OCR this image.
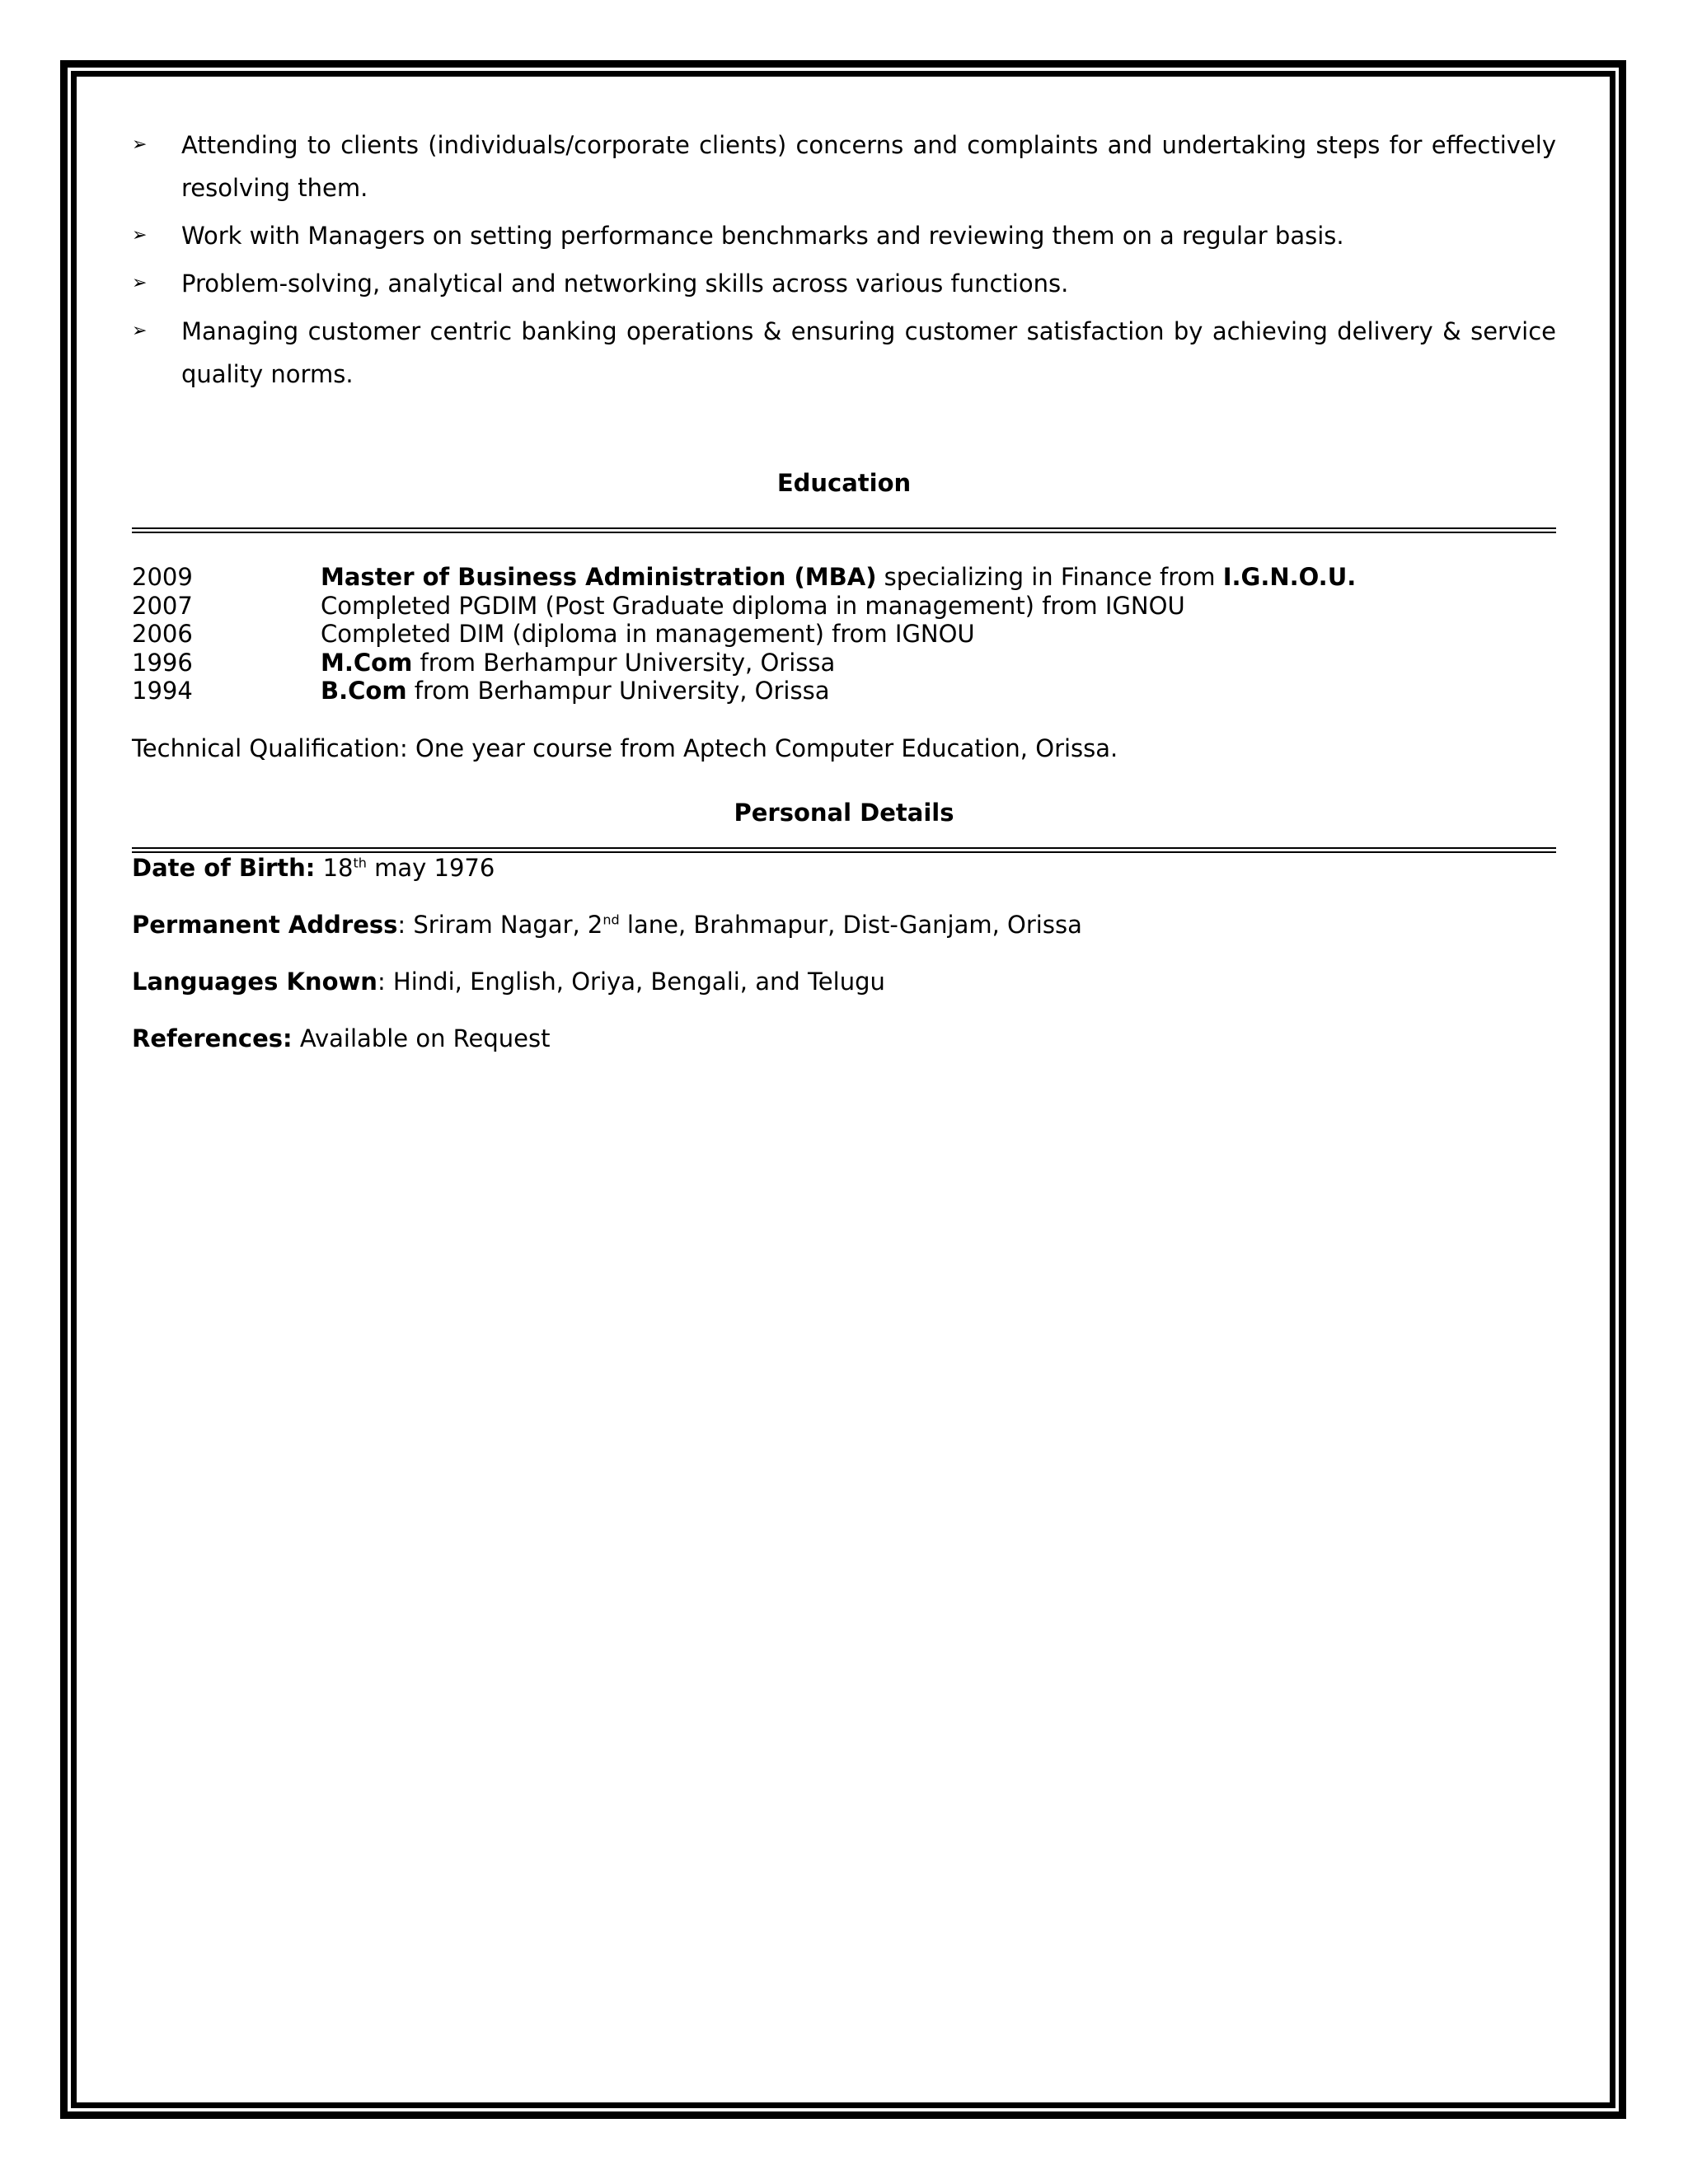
➢ Attending to clients (individuals/corporate clients) concerns and complaints and undertaking steps for effectively resolving them.
➢ Work with Managers on setting performance benchmarks and reviewing them on a regular basis.
➢ Problem-solving, analytical and networking skills across various functions.
➢ Managing customer centric banking operations & ensuring customer satisfaction by achieving delivery & service quality norms.
Education
2009	Master of Business Administration (MBA) specializing in Finance from I.G.N.O.U.
2007	Completed PGDIM (Post Graduate diploma in management) from IGNOU
2006	Completed DIM (diploma in management) from IGNOU
1996	M.Com from Berhampur University, Orissa
1994	B.Com from Berhampur University, Orissa
Technical Qualification: One year course from Aptech Computer Education, Orissa.
Personal Details
Date of Birth: 18th may 1976
Permanent Address: Sriram Nagar, 2nd lane, Brahmapur, Dist-Ganjam, Orissa
Languages Known: Hindi, English, Oriya, Bengali, and Telugu
References: Available on Request
